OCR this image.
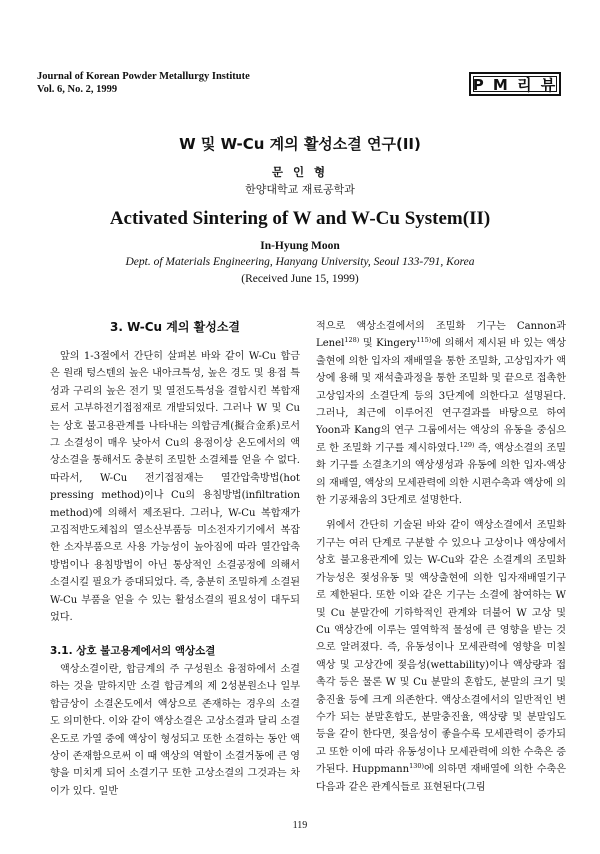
Journal of Korean Powder Metallurgy Institute
Vol. 6, No. 2, 1999	P M 리 뷰
W 및 W-Cu 계의 활성소결 연구(II)
문 인 형
한양대학교 재료공학과
Activated Sintering of W and W-Cu System(II)
In-Hyung Moon
Dept. of Materials Engineering, Hanyang University, Seoul 133-791, Korea
(Received June 15, 1999)

3. W-Cu 계의 활성소결

앞의 1-3절에서 간단히 살펴본 바와 같이 W-Cu 합금은 원래 텅스텐의 높은 내아크특성, 높은 경도 및 용접 특성과 구리의 높은 전기 및 열전도특성을 결합시킨 복합재료서 고부하전기접점재로 개발되었다. 그러나 W 및 Cu는 상호 불고용관계를 나타내는 의합금계(擬合金系)로서 그 소결성이 매우 낮아서 Cu의 용점이상 온도에서의 액상소결을 통해서도 충분히 조밀한 소결체를 얻을 수 없다. 따라서, W-Cu 전기접점재는 열간압축방법(hot pressing method)이나 Cu의 용침방법(infiltration method)에 의해서 제조된다. 그러나, W-Cu 복합재가 고집적반도체칩의 열소산부품등 미소전자기기에서 복잡한 소자부품으로 사용 가능성이 높아짐에 따라 열간압축방법이나 용침방법이 아닌 통상적인 소결공정에 의해서 소결시킬 필요가 증대되었다. 즉, 충분히 조밀하게 소결된 W-Cu 부품을 얻을 수 있는 활성소결의 필요성이 대두되었다.

3.1. 상호 불고용계에서의 액상소결

액상소결이란, 합금계의 주 구성원소 융점하에서 소결하는 것을 말하지만 소결 합금계의 제 2성분원소나 일부 합금상이 소결온도에서 액상으로 존재하는 경우의 소결도 의미한다. 이와 같이 액상소결은 고상소결과 달리 소결온도로 가열 중에 액상이 형성되고 또한 소결하는 동안 액상이 존재함으로써 이 때 액상의 역할이 소결거동에 큰 영향을 미치게 되어 소결기구 또한 고상소결의 그것과는 차이가 있다. 일반

적으로 액상소결에서의 조밀화 기구는 Cannon과 Lenel$^{128)}$ 및 Kingery$^{115)}$에 의해서 제시된 바 있는 액상출현에 의한 입자의 재배열을 통한 조밀화, 고상입자가 액상에 용해 및 재석출과정을 통한 조밀화 및 끝으로 접촉한 고상입자의 소결단계 등의 3단계에 의한다고 설명된다. 그러나, 최근에 이루어진 연구결과를 바탕으로 하여 Yoon과 Kang의 연구 그룹에서는 액상의 유동을 중심으로 한 조밀화 기구를 제시하였다.$^{129)}$ 즉, 액상소결의 조밀화 기구를 소결초기의 액상생성과 유동에 의한 입자-액상의 재배열, 액상의 모세관력에 의한 시편수축과 액상에 의한 기공채움의 3단계로 설명한다.

위에서 간단히 기술된 바와 같이 액상소결에서 조밀화 기구는 여러 단계로 구분할 수 있으나 고상이나 액상에서 상호 불고용관계에 있는 W-Cu와 같은 소결계의 조밀화 가능성은 젖성유동 및 액상출현에 의한 입자재배열기구로 제한된다. 또한 이와 같은 기구는 소결에 참여하는 W 및 Cu 분말간에 기하학적인 관계와 더불어 W 고상 및 Cu 액상간에 이루는 열역학적 물성에 큰 영향을 받는 것으로 알려졌다. 즉, 유동성이나 모세관력에 영향을 미칠 액상 및 고상간에 젖음성(wettability)이나 액상량과 접촉각 등은 물론 W 및 Cu 분말의 혼합도, 분말의 크기 및 충진율 등에 크게 의존한다. 액상소결에서의 일반적인 변수가 되는 분말혼합도, 분말충진율, 액상량 및 분말입도 등을 같이 한다면, 젖음성이 좋을수록 모세관력이 증가되고 또한 이에 따라 유동성이나 모세관력에 의한 수축은 증가된다. Huppmann$^{130)}$에 의하면 재배열에 의한 수축은 다음과 같은 관계식들로 표현된다(그림

119
